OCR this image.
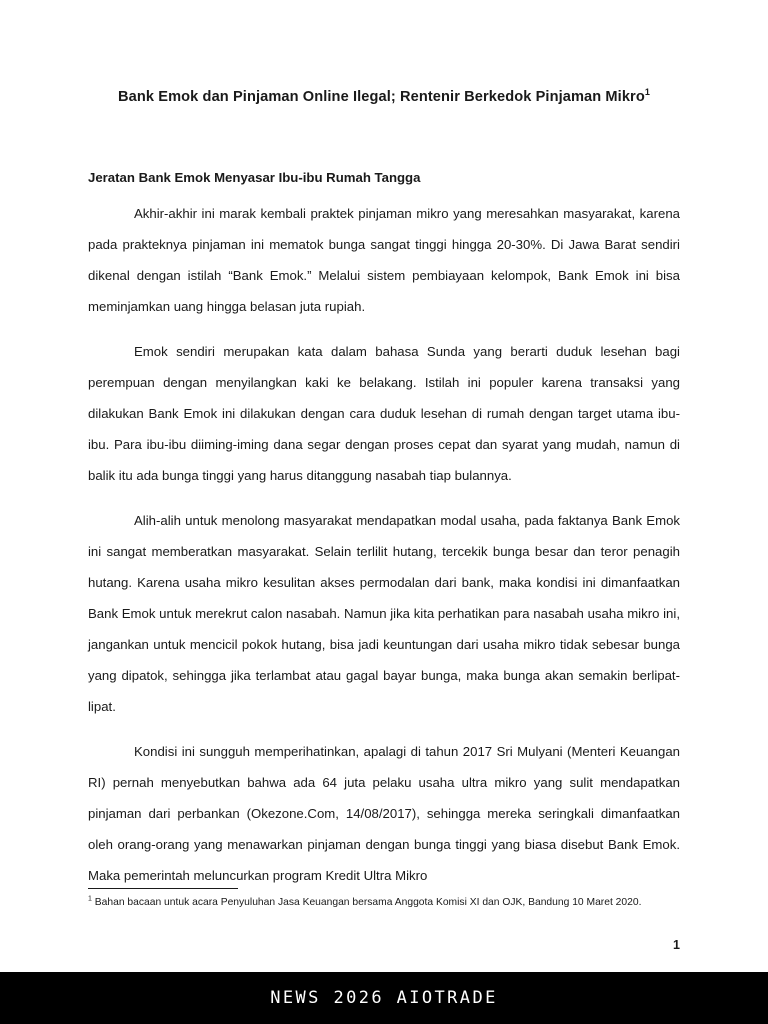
Bank Emok dan Pinjaman Online Ilegal; Rentenir Berkedok Pinjaman Mikro$^1$
Jeratan Bank Emok Menyasar Ibu-ibu Rumah Tangga

Akhir-akhir ini marak kembali praktek pinjaman mikro yang meresahkan masyarakat, karena pada prakteknya pinjaman ini mematok bunga sangat tinggi hingga 20-30%. Di Jawa Barat sendiri dikenal dengan istilah “Bank Emok.” Melalui sistem pembiayaan kelompok, Bank Emok ini bisa meminjamkan uang hingga belasan juta rupiah.

Emok sendiri merupakan kata dalam bahasa Sunda yang berarti duduk lesehan bagi perempuan dengan menyilangkan kaki ke belakang. Istilah ini populer karena transaksi yang dilakukan Bank Emok ini dilakukan dengan cara duduk lesehan di rumah dengan target utama ibu-ibu. Para ibu-ibu diiming-iming dana segar dengan proses cepat dan syarat yang mudah, namun di balik itu ada bunga tinggi yang harus ditanggung nasabah tiap bulannya.

Alih-alih untuk menolong masyarakat mendapatkan modal usaha, pada faktanya Bank Emok ini sangat memberatkan masyarakat. Selain terlilit hutang, tercekik bunga besar dan teror penagih hutang. Karena usaha mikro kesulitan akses permodalan dari bank, maka kondisi ini dimanfaatkan Bank Emok untuk merekrut calon nasabah. Namun jika kita perhatikan para nasabah usaha mikro ini, jangankan untuk mencicil pokok hutang, bisa jadi keuntungan dari usaha mikro tidak sebesar bunga yang dipatok, sehingga jika terlambat atau gagal bayar bunga, maka bunga akan semakin berlipat-lipat.

Kondisi ini sungguh memperihatinkan, apalagi di tahun 2017 Sri Mulyani (Menteri Keuangan RI) pernah menyebutkan bahwa ada 64 juta pelaku usaha ultra mikro yang sulit mendapatkan pinjaman dari perbankan (Okezone.Com, 14/08/2017), sehingga mereka seringkali dimanfaatkan oleh orang-orang yang menawarkan pinjaman dengan bunga tinggi yang biasa disebut Bank Emok. Maka pemerintah meluncurkan program Kredit Ultra Mikro

$^1$ Bahan bacaan untuk acara Penyuluhan Jasa Keuangan bersama Anggota Komisi XI dan OJK, Bandung 10 Maret 2020.
1
NEWS 2026 AIOTRADE
